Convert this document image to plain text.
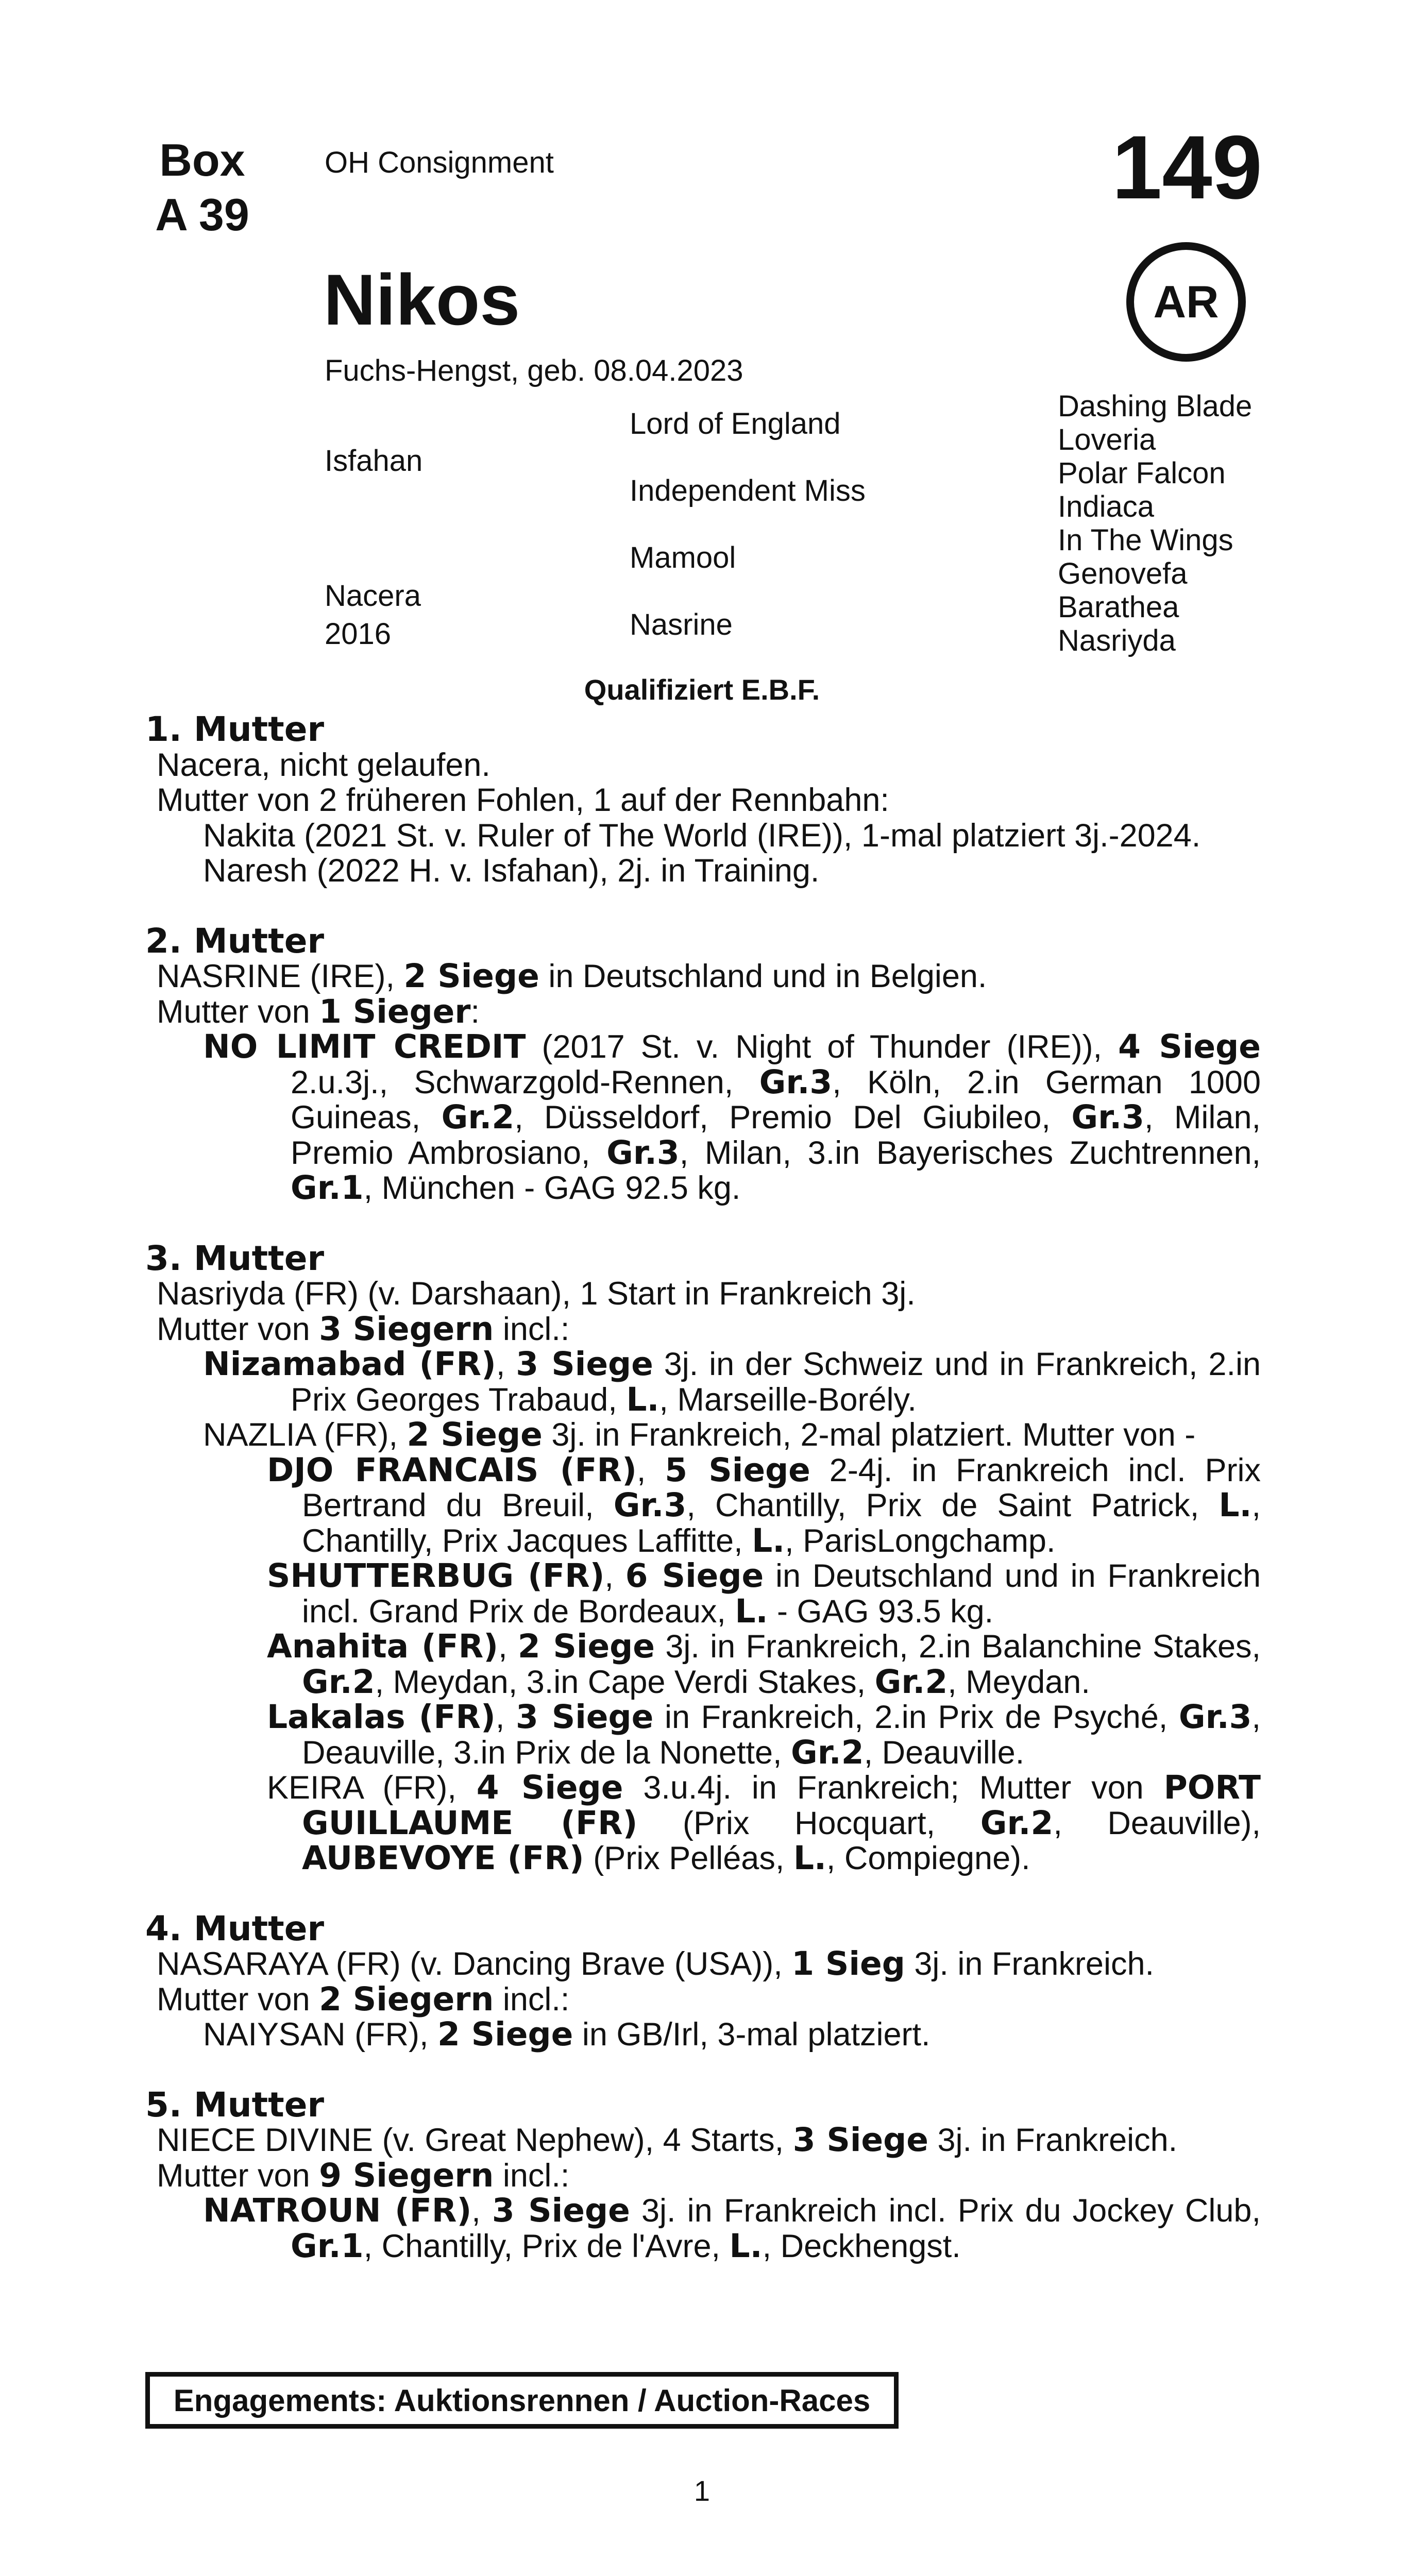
Box
A 39
OH Consignment	149
AR
Nikos
Fuchs-Hengst, geb. 08.04.2023
Isfahan
Nacera
2016
Lord of England
Independent Miss
Mamool
Nasrine
Dashing Blade
Loveria
Polar Falcon
Indiaca
In The Wings
Genovefa
Barathea
Nasriyda
Qualifiziert E.B.F.

1. Mutter

Nacera, nicht gelaufen.

Mutter von 2 früheren Fohlen, 1 auf der Rennbahn:

Nakita (2021 St. v. Ruler of The World (IRE)), 1-mal platziert 3j.-2024.

Naresh (2022 H. v. Isfahan), 2j. in Training.

2. Mutter

NASRINE (IRE), 2 Siege in Deutschland und in Belgien.

Mutter von 1 Sieger:

NO LIMIT CREDIT (2017 St. v. Night of Thunder (IRE)), 4 Siege 2.u.3j., Schwarzgold-Rennen, Gr.3, Köln, 2.in German 1000 Guineas, Gr.2, Düsseldorf, Premio Del Giubileo, Gr.3, Milan, Premio Ambrosiano, Gr.3, Milan, 3.in Bayerisches Zuchtrennen, Gr.1, München - GAG 92.5 kg.

3. Mutter

Nasriyda (FR) (v. Darshaan), 1 Start in Frankreich 3j.

Mutter von 3 Siegern incl.:

Nizamabad (FR), 3 Siege 3j. in der Schweiz und in Frankreich, 2.in Prix Georges Trabaud, L., Marseille-Borély.

NAZLIA (FR), 2 Siege 3j. in Frankreich, 2-mal platziert. Mutter von -

DJO FRANCAIS (FR), 5 Siege 2-4j. in Frankreich incl. Prix Bertrand du Breuil, Gr.3, Chantilly, Prix de Saint Patrick, L., Chantilly, Prix Jacques Laffitte, L., ParisLongchamp.

SHUTTERBUG (FR), 6 Siege in Deutschland und in Frankreich incl. Grand Prix de Bordeaux, L. - GAG 93.5 kg.

Anahita (FR), 2 Siege 3j. in Frankreich, 2.in Balanchine Stakes, Gr.2, Meydan, 3.in Cape Verdi Stakes, Gr.2, Meydan.

Lakalas (FR), 3 Siege in Frankreich, 2.in Prix de Psyché, Gr.3, Deauville, 3.in Prix de la Nonette, Gr.2, Deauville.

KEIRA (FR), 4 Siege 3.u.4j. in Frankreich; Mutter von PORT GUILLAUME (FR) (Prix Hocquart, Gr.2, Deauville), AUBEVOYE (FR) (Prix Pelléas, L., Compiegne).

4. Mutter

NASARAYA (FR) (v. Dancing Brave (USA)), 1 Sieg 3j. in Frankreich.

Mutter von 2 Siegern incl.:

NAIYSAN (FR), 2 Siege in GB/Irl, 3-mal platziert.

5. Mutter

NIECE DIVINE (v. Great Nephew), 4 Starts, 3 Siege 3j. in Frankreich.

Mutter von 9 Siegern incl.:

NATROUN (FR), 3 Siege 3j. in Frankreich incl. Prix du Jockey Club, Gr.1, Chantilly, Prix de l'Avre, L., Deckhengst.

Engagements: Auktionsrennen / Auction-Races
1
